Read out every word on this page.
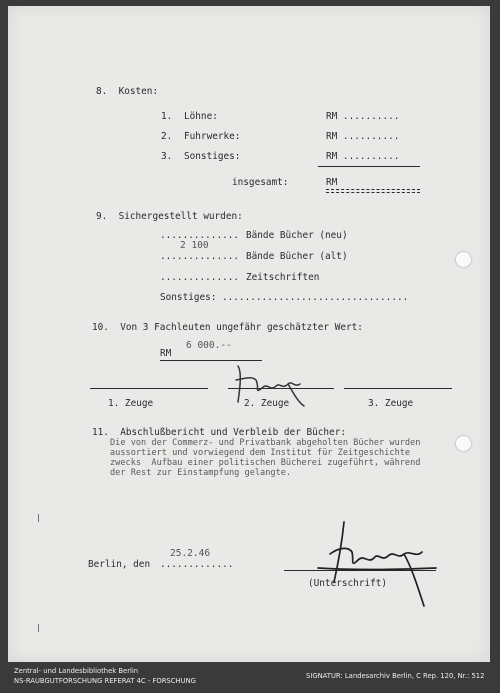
8.  Kosten:
1. Löhne:	RM ..........
2. Fuhrwerke:	RM ..........
3. Sonstiges:	RM ..........
insgesamt:	RM
9.  Sichergestellt wurden:
.............. Bände Bücher (neu)
2 100
.............. Bände Bücher (alt)
.............. Zeitschriften
Sonstiges: .................................
10.  Von 3 Fachleuten ungefähr geschätzter Wert:
6 000.--
RM
1. Zeuge	2. Zeuge	3. Zeuge
11.  Abschlußbericht und Verbleib der Bücher:
Die von der Commerz- und Privatbank abgeholten Bücher wurden
aussortiert und vorwiegend dem Institut für Zeitgeschichte
zwecks  Aufbau einer politischen Bücherei zugeführt, während
der Rest zur Einstampfung gelangte.
25.2.46
Berlin, den .............
(Unterschrift)
Zentral- und Landesbibliothek Berlin
NS-RAUBGUTFORSCHUNG REFERAT 4C - FORSCHUNG
SIGNATUR: Landesarchiv Berlin, C Rep. 120, Nr.: 512
